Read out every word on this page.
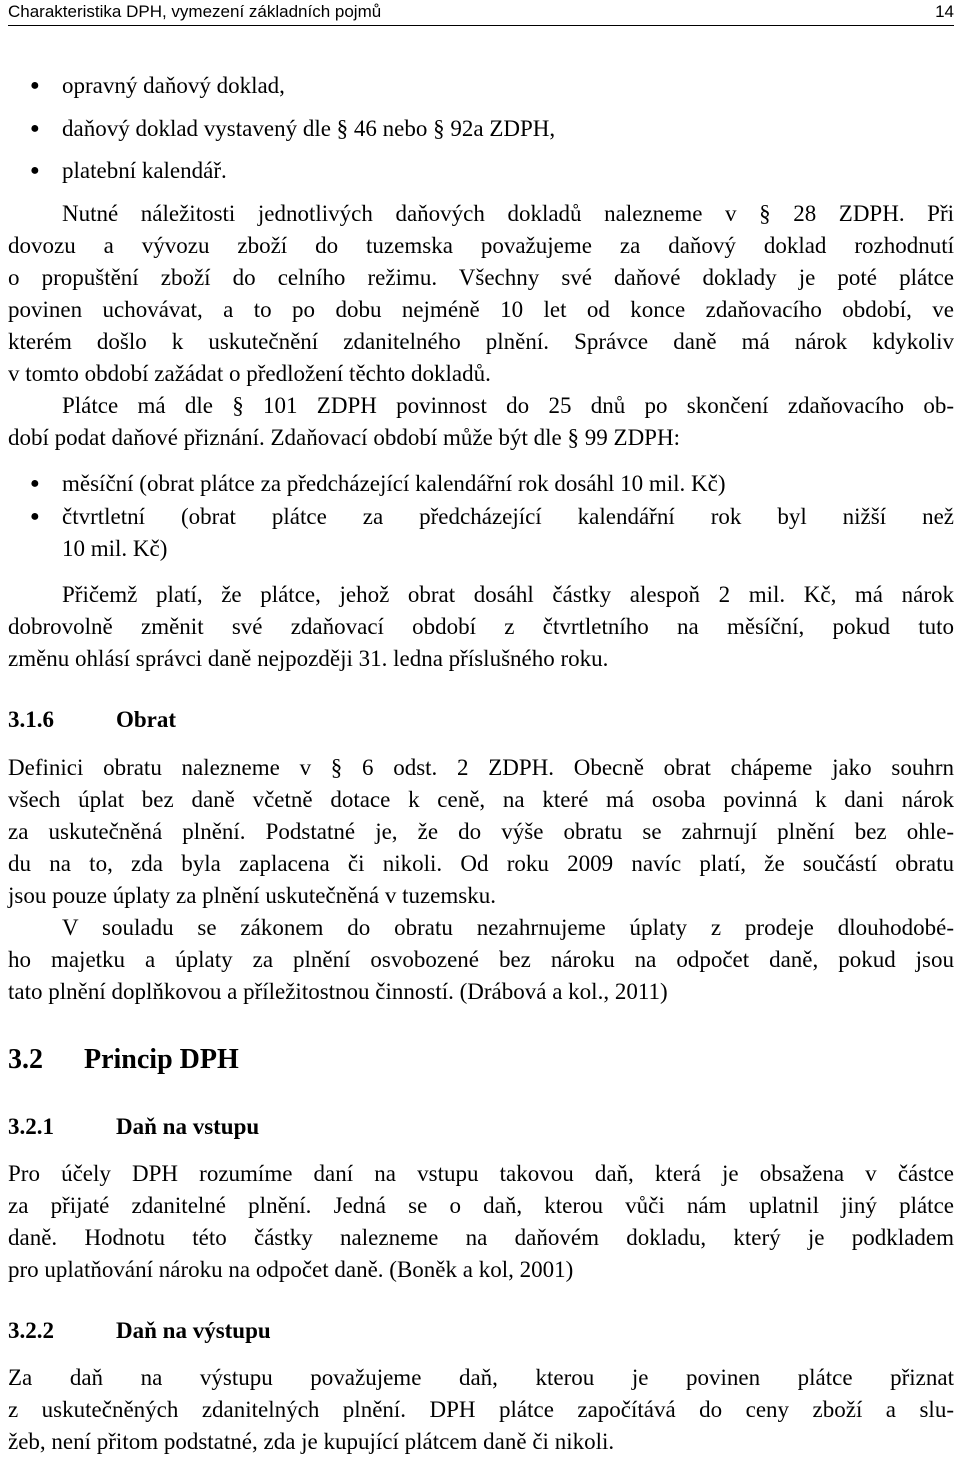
Charakteristika DPH, vymezení základních pojmů	14
● opravný daňový doklad,
● daňový doklad vystavený dle § 46 nebo § 92a ZDPH,
● platební kalendář.
Nutné náležitosti jednotlivých daňových dokladů nalezneme v § 28 ZDPH. Při
dovozu a vývozu zboží do tuzemska považujeme za daňový doklad rozhodnutí
o propuštění zboží do celního režimu. Všechny své daňové doklady je poté plátce
povinen uchovávat, a to po dobu nejméně 10 let od konce zdaňovacího období, ve
kterém došlo k uskutečnění zdanitelného plnění. Správce daně má nárok kdykoliv
v tomto období zažádat o předložení těchto dokladů.
Plátce má dle § 101 ZDPH povinnost do 25 dnů po skončení zdaňovacího ob-
dobí podat daňové přiznání. Zdaňovací období může být dle § 99 ZDPH:
● měsíční (obrat plátce za předcházející kalendářní rok dosáhl 10 mil. Kč)
● čtvrtletní (obrat plátce za předcházející kalendářní rok byl nižší než
10 mil. Kč)
Přičemž platí, že plátce, jehož obrat dosáhl částky alespoň 2 mil. Kč, má nárok
dobrovolně změnit své zdaňovací období z čtvrtletního na měsíční, pokud tuto
změnu ohlásí správci daně nejpozději 31. ledna příslušného roku.
3.1.6	Obrat
Definici obratu nalezneme v § 6 odst. 2 ZDPH. Obecně obrat chápeme jako souhrn
všech úplat bez daně včetně dotace k ceně, na které má osoba povinná k dani nárok
za uskutečněná plnění. Podstatné je, že do výše obratu se zahrnují plnění bez ohle-
du na to, zda byla zaplacena či nikoli. Od roku 2009 navíc platí, že součástí obratu
jsou pouze úplaty za plnění uskutečněná v tuzemsku.
V souladu se zákonem do obratu nezahrnujeme úplaty z prodeje dlouhodobé-
ho majetku a úplaty za plnění osvobozené bez nároku na odpočet daně, pokud jsou
tato plnění doplňkovou a příležitostnou činností. (Drábová a kol., 2011)
3.2 Princip DPH
3.2.1	Daň na vstupu
Pro účely DPH rozumíme daní na vstupu takovou daň, která je obsažena v částce
za přijaté zdanitelné plnění. Jedná se o daň, kterou vůči nám uplatnil jiný plátce
daně. Hodnotu této částky nalezneme na daňovém dokladu, který je podkladem
pro uplatňování nároku na odpočet daně. (Boněk a kol, 2001)
3.2.2	Daň na výstupu
Za daň na výstupu považujeme daň, kterou je povinen plátce přiznat
z uskutečněných zdanitelných plnění. DPH plátce započítává do ceny zboží a slu-
žeb, není přitom podstatné, zda je kupující plátcem daně či nikoli.
